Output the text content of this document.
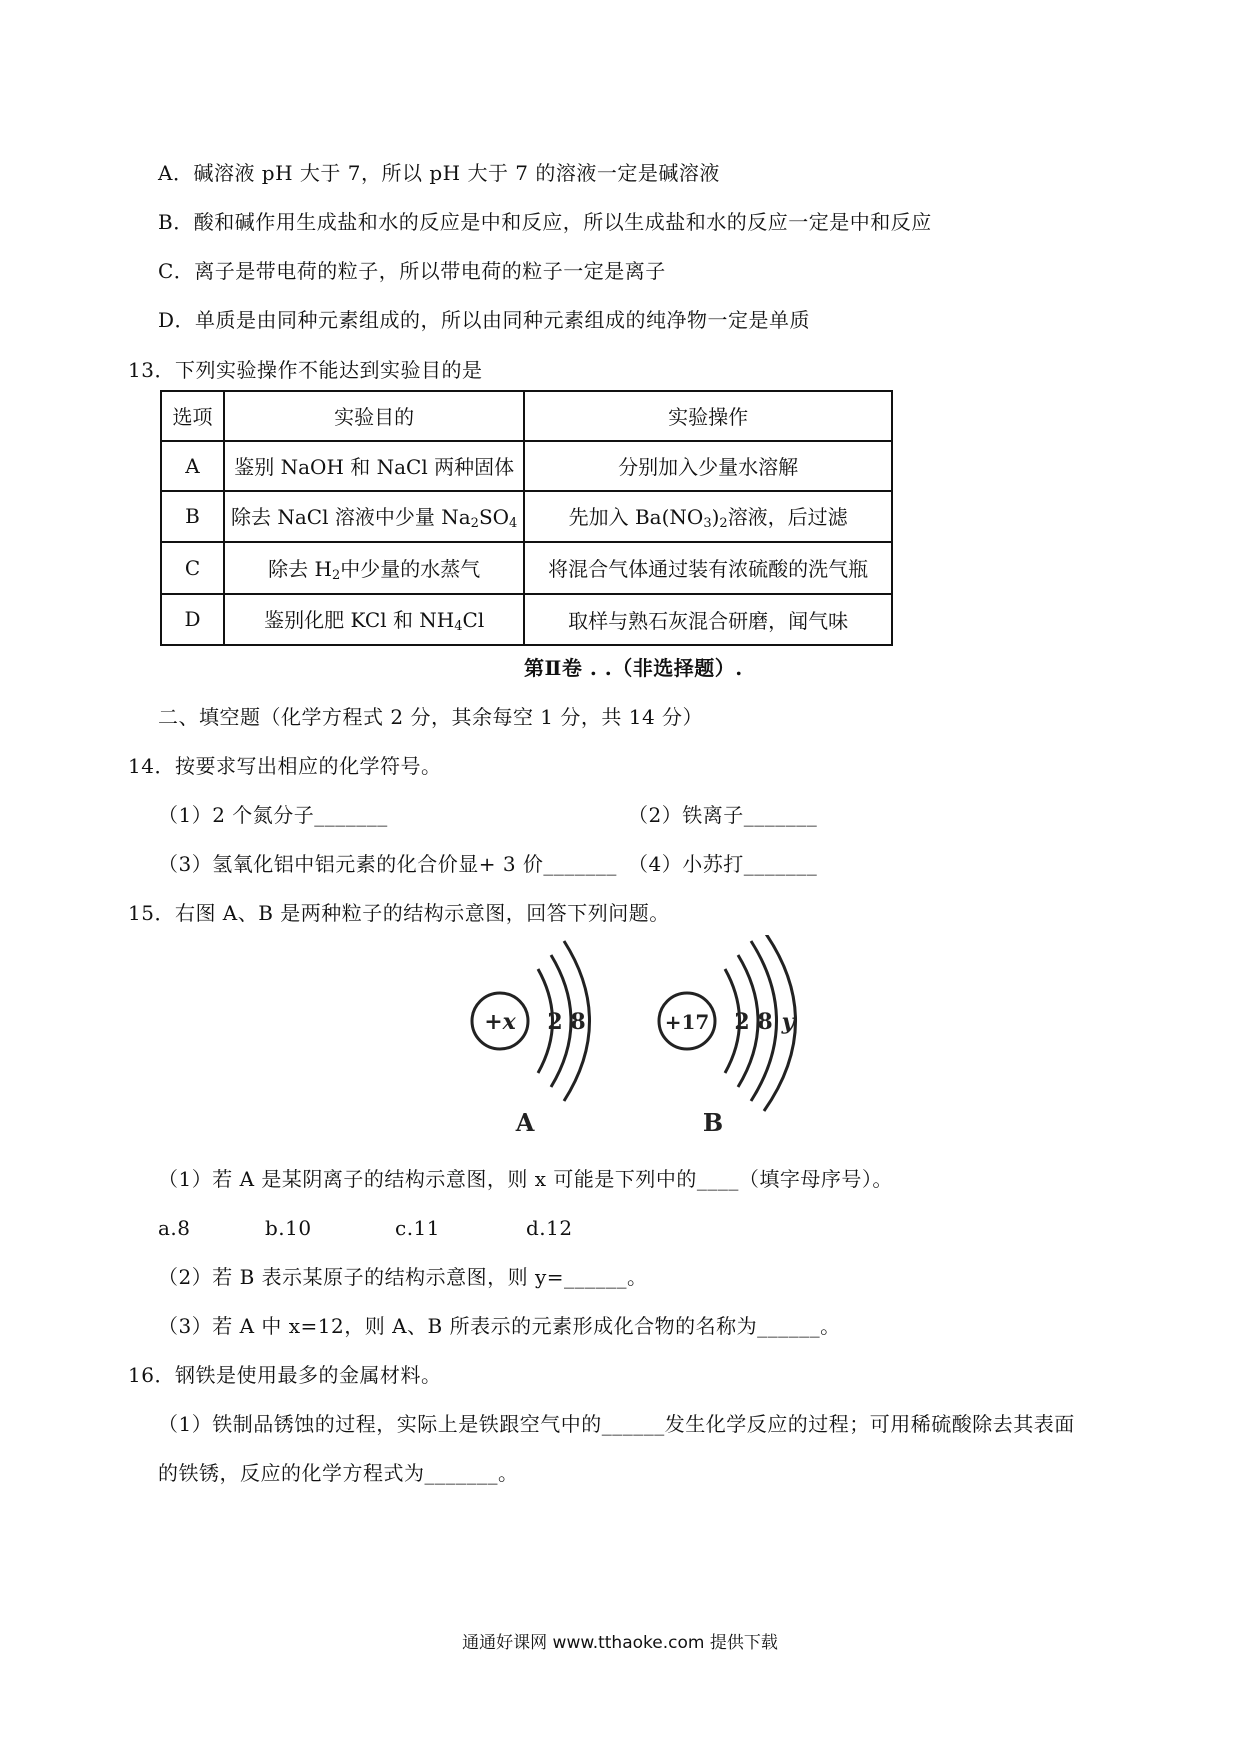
A．碱溶液 pH 大于 7，所以 pH 大于 7 的溶液一定是碱溶液
B．酸和碱作用生成盐和水的反应是中和反应，所以生成盐和水的反应一定是中和反应
C．离子是带电荷的粒子，所以带电荷的粒子一定是离子
D．单质是由同种元素组成的，所以由同种元素组成的纯净物一定是单质
13．下列实验操作不能达到实验目的是
选项	实验目的	实验操作
A	鉴别 NaOH 和 NaCl 两种固体	分别加入少量水溶解
B	除去 NaCl 溶液中少量 $Na_2SO_4$	先加入 $Ba(NO_3)_2$溶液，后过滤
C	除去 $H_2$中少量的水蒸气	将混合气体通过装有浓硫酸的洗气瓶
D	鉴别化肥 KCl 和 $NH_4Cl$	取样与熟石灰混合研磨，闻气味
第Ⅱ卷 . .（非选择题）.
二、填空题（化学方程式 2 分，其余每空 1 分，共 14 分）
14．按要求写出相应的化学符号。
（1）2 个氮分子_______	（2）铁离子_______
（3）氢氧化铝中铝元素的化合价显+ 3 价_______ （4）小苏打_______
15．右图 A、B 是两种粒子的结构示意图，回答下列问题。
+x 2 8
A
+17 2 8 y
B
（1）若 A 是某阴离子的结构示意图，则 x 可能是下列中的____（填字母序号）。
a.8	b.10	c.11	d.12
（2）若 B 表示某原子的结构示意图，则 y=______。
（3）若 A 中 x=12，则 A、B 所表示的元素形成化合物的名称为______。
16．钢铁是使用最多的金属材料。
（1）铁制品锈蚀的过程，实际上是铁跟空气中的______发生化学反应的过程；可用稀硫酸除去其表面
的铁锈，反应的化学方程式为_______。
通通好课网 www.tthaoke.com 提供下载
